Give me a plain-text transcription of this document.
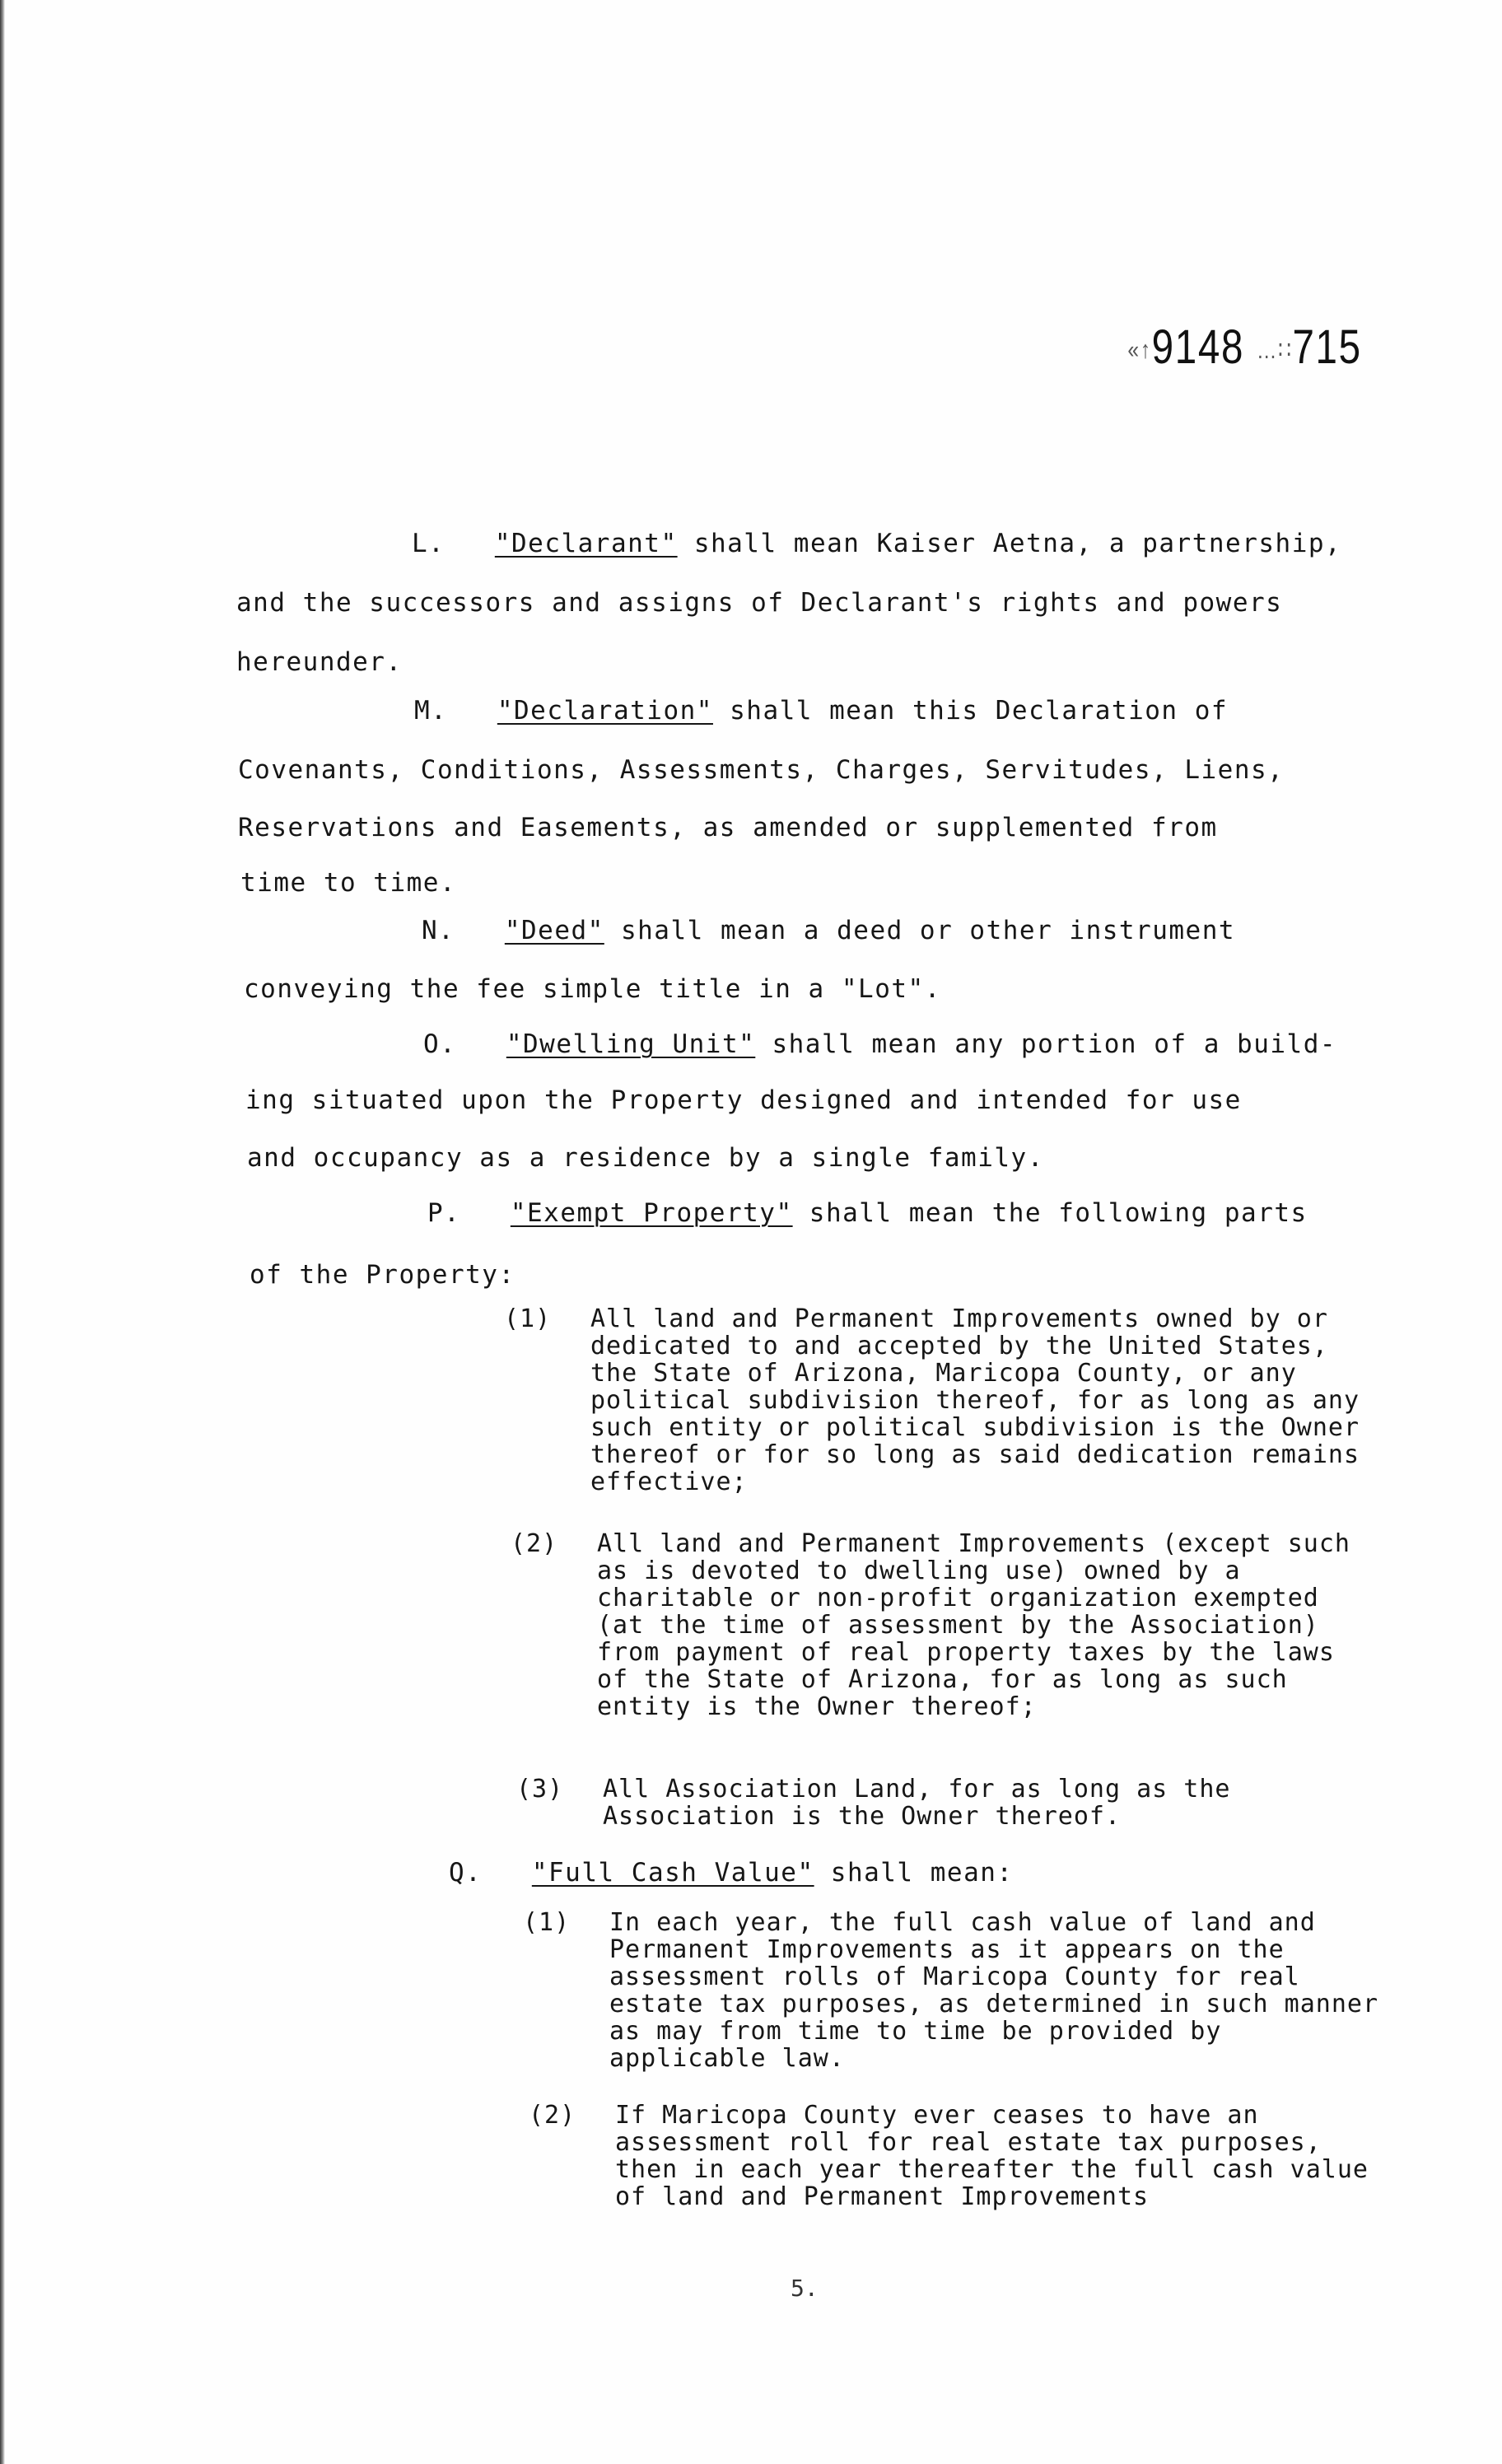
«↑9148 …∷715
L. "Declarant" shall mean Kaiser Aetna, a partnership,
and the successors and assigns of Declarant's rights and powers
hereunder.
M. "Declaration" shall mean this Declaration of
Covenants, Conditions, Assessments, Charges, Servitudes, Liens,
Reservations and Easements, as amended or supplemented from
time to time.
N. "Deed" shall mean a deed or other instrument
conveying the fee simple title in a "Lot".
O. "Dwelling Unit" shall mean any portion of a build-
ing situated upon the Property designed and intended for use
and occupancy as a residence by a single family.
P. "Exempt Property" shall mean the following parts
of the Property:
(1) All land and Permanent Improvements owned by or dedicated to and accepted by the United States, the State of Arizona, Maricopa County, or any political subdivision thereof, for as long as any such entity or political subdivision is the Owner thereof or for so long as said dedication remains effective;
(2) All land and Permanent Improvements (except such as is devoted to dwelling use) owned by a charitable or non-profit organization exempted (at the time of assessment by the Association) from payment of real property taxes by the laws of the State of Arizona, for as long as such entity is the Owner thereof;
(3) All Association Land, for as long as the Association is the Owner thereof.
Q. "Full Cash Value" shall mean:
(1) In each year, the full cash value of land and Permanent Improvements as it appears on the assessment rolls of Maricopa County for real estate tax purposes, as determined in such manner as may from time to time be provided by applicable law.
(2) If Maricopa County ever ceases to have an assessment roll for real estate tax purposes, then in each year thereafter the full cash value of land and Permanent Improvements
5.
